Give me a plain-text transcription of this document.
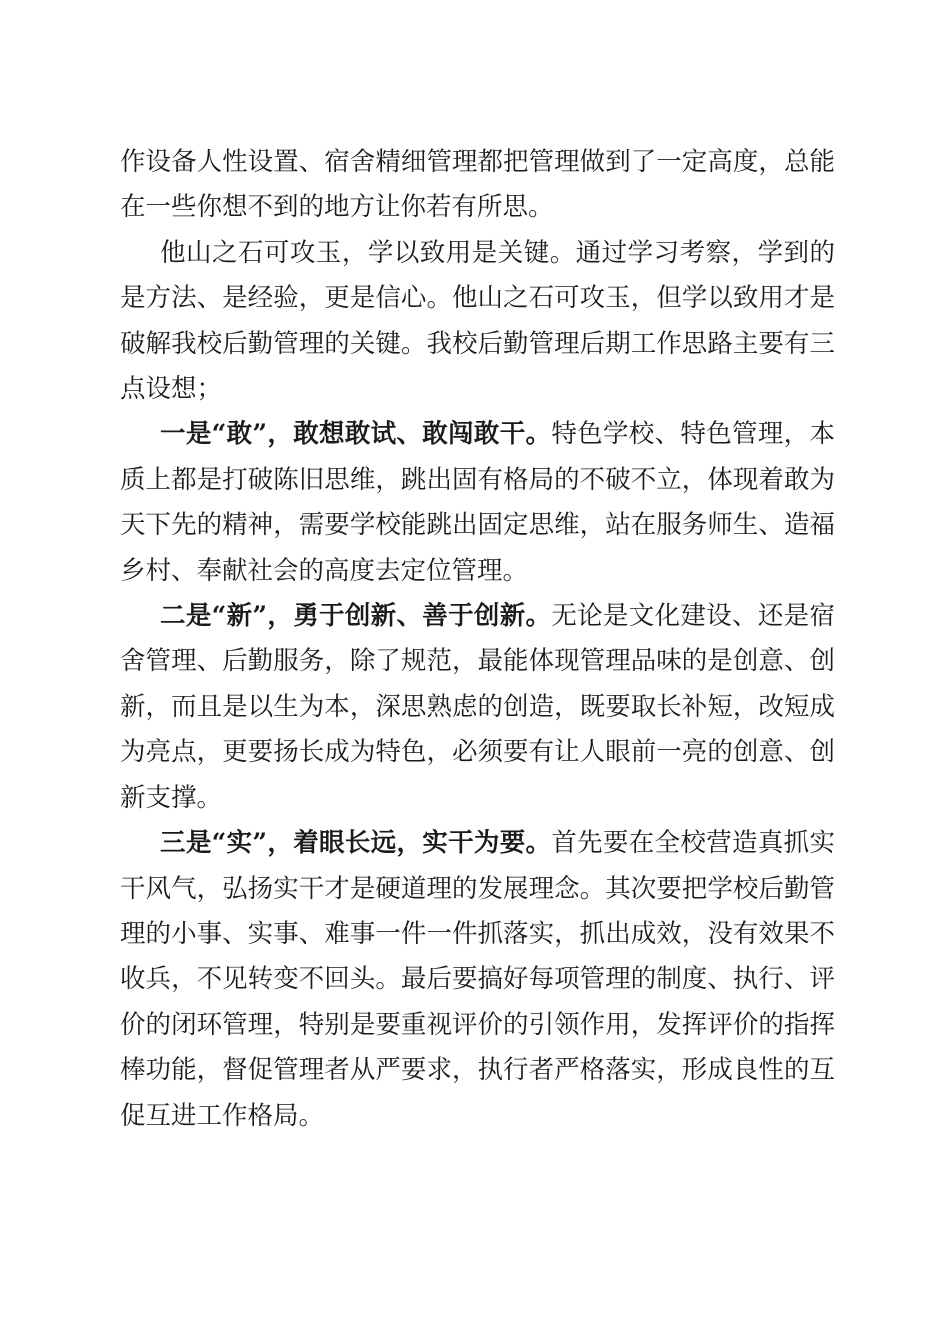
作设备人性设置、宿舍精细管理都把管理做到了一定高度，总能在一些你想不到的地方让你若有所思。

他山之石可攻玉，学以致用是关键。通过学习考察，学到的是方法、是经验，更是信心。他山之石可攻玉，但学以致用才是破解我校后勤管理的关键。我校后勤管理后期工作思路主要有三点设想；

一是“敢”，敢想敢试、敢闯敢干。特色学校、特色管理，本质上都是打破陈旧思维，跳出固有格局的不破不立，体现着敢为天下先的精神，需要学校能跳出固定思维，站在服务师生、造福乡村、奉献社会的高度去定位管理。

二是“新”，勇于创新、善于创新。无论是文化建设、还是宿舍管理、后勤服务，除了规范，最能体现管理品味的是创意、创新，而且是以生为本，深思熟虑的创造，既要取长补短，改短成为亮点，更要扬长成为特色，必须要有让人眼前一亮的创意、创新支撑。

三是“实”，着眼长远，实干为要。首先要在全校营造真抓实干风气，弘扬实干才是硬道理的发展理念。其次要把学校后勤管理的小事、实事、难事一件一件抓落实，抓出成效，没有效果不收兵，不见转变不回头。最后要搞好每项管理的制度、执行、评价的闭环管理，特别是要重视评价的引领作用，发挥评价的指挥棒功能，督促管理者从严要求，执行者严格落实，形成良性的互促互进工作格局。
